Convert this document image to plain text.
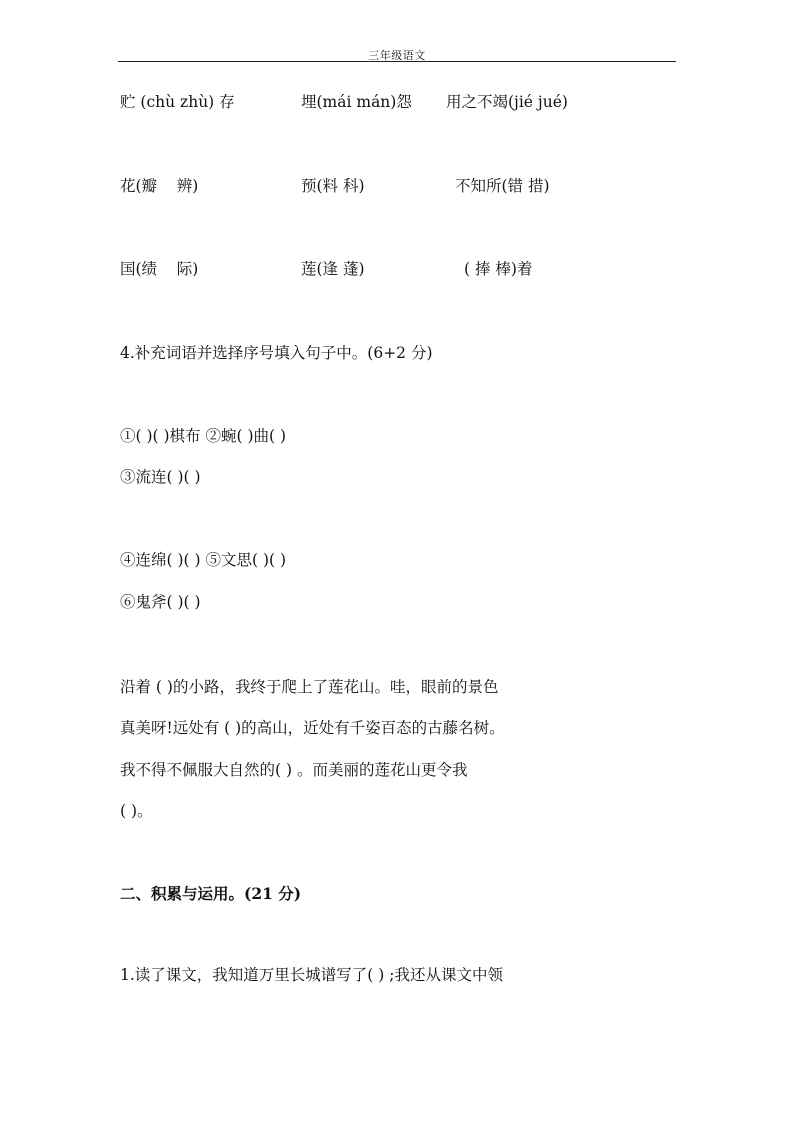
三年级语文
贮 (chù zhù) 存	埋(mái mán)怨 用之不竭(jié jué)
花(瓣    辨)	预(料 科)	不知所(错 措)
国(绩    际)	莲(逢 蓬)	( 捧 棒)着
4.补充词语并选择序号填入句子中。(6+2 分)
①( )( )棋布 ②蜿( )曲( )
③流连( )( )
④连绵( )( ) ⑤文思( )( )
⑥鬼斧( )( )
沿着 ( )的小路，我终于爬上了莲花山。哇，眼前的景色
真美呀!远处有 ( )的高山，近处有千姿百态的古藤名树。
我不得不佩服大自然的( ) 。而美丽的莲花山更令我
( )。
二、积累与运用。(21 分)
1.读了课文，我知道万里长城谱写了( ) ;我还从课文中领
